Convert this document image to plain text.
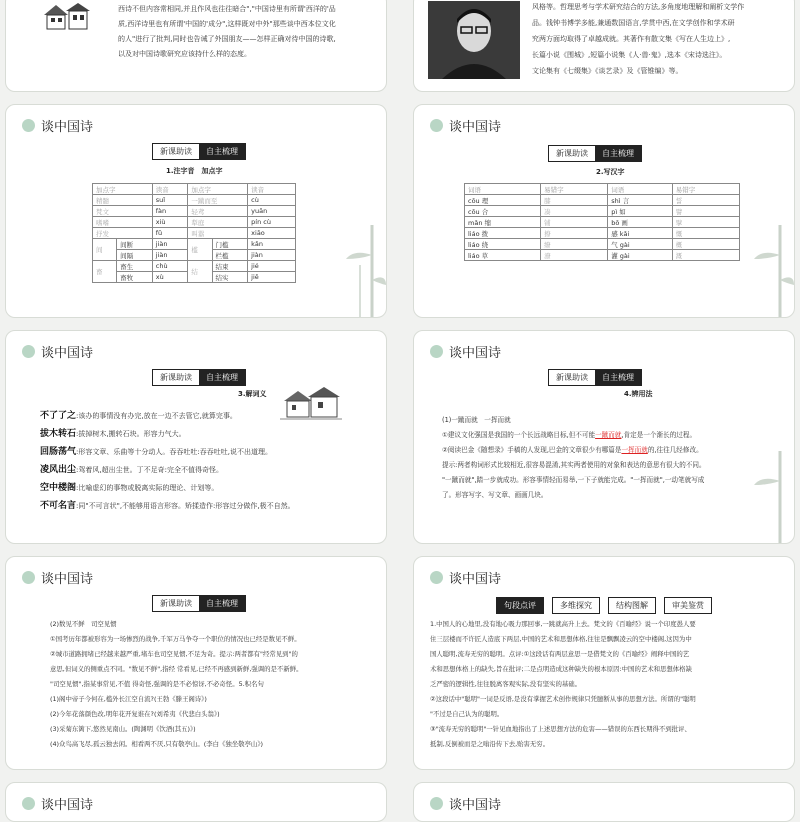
西诗不但内容常相同,并且作风也往往暗合","中国诗里有所谓'西洋的'品

质,西洋诗里也有所谓'中国的'成分",这样既对中外"那些谈中西本位文化

的人"进行了批判,同时也告诫了外国朋友——怎样正确对待中国的诗歌,

以及对中国诗歌研究应该持什么样的态度。

风格等。哲理思考与学术研究结合的方法,多角度地理解和阐析文学作

品。钱钟书博学多能,兼通数国语言,学贯中西,在文学创作和学术研

究两方面均取得了卓越成就。其著作有散文集《写在人生边上》,

长篇小说《围城》,短篇小说集《人·兽·鬼》,选本《宋诗选注》。

文论集有《七缀集》《谈艺录》及《管锥编》等。

谈中国诗
新课助读	自主梳理
1.注字音　加点字
加点字		读音	加点字		读音
精髓		suǐ	一蹴而至		cù
梵文		fàn	轻鸢		yuān
嗜嗜		xiù	犁庭		pín cù
抒发		fǔ	叫嚣		xiāo
间	间断	jiàn	槛	门槛	kǎn
	间隔	jiàn		栏槛	jiàn
畜	畜生	chù	结	结束	jié
	畜牧	xù		结实	jiē
谈中国诗
新课助读	自主梳理
2.写汉字
词语	易错字	词语	易错字
cōu 理	膝	shì 言	誓
cōu 合	凑	pì 如	譬
mǎn 缩	铺	bō 画	擘
liáo 拨	撩	感 kǎi	慨
liáo 绕	缭	气 gài	概
liáo 草	潦	灌 gài	溉
谈中国诗
新课助读	自主梳理
3.解词义
不了了之:该办的事情没有办完,放在一边不去管它,就算完事。
拔木转石:拔掉树木,搬转石块。形容力气大。
回肠荡气:形容文章、乐曲等十分动人。吞吞吐吐:吞吞吐吐,说不出道理。
凌风出尘:驾着风,超出尘世。丁不足奇:完全不值得奇怪。
空中楼阁:比喻虚幻的事物或脱离实际的理论、计划等。
不可名言:同"不可言状",不能够用语言形容。矫揉造作:形容过分做作,极不自然。
谈中国诗
新课助读	自主梳理
4.辨用法

(1)一蹴而就　一挥而就

①建议文化强国是我国的一个长远战略目标,但不可能一蹴而就,肯定是一个渐长的过程。

②阅读巴金《随想录》手稿的人发现,巴金的文章很少有哪篇是一挥而就的,往往几经修改。

提示:两者构词形式比较相近,很容易混淆,其实两者使用的对象和表达的意思有很大的不同。

"一蹴而就",踏一步就成功。形容事情轻而易举,一下子就能完成。"一挥而就",一动笔就写成

了。形容写字、写文章、画画几块。

谈中国诗
新课助读	自主梳理

(2)数见不鲜　司空见惯

①国考历年都被形容为一场惨烈的战争,千军万马争夺一个职位的情况也已经是数见不鲜。

②城市道路拥堵已经越来越严重,堵车也司空见惯,不足为奇。提示:两者都有"经常见到"的

意思,但词义的侧重点不同。"数见不鲜",指经 常看见,已经不再感到新鲜,强调的是不新鲜。

"司空见惯",指某事常见,不值 得奇怪,强调的是不必惊讶,不必奇怪。5.积名句

(1)阁中帝子今何在,槛外长江空自流?(王勃《滕王阁诗》)

(2)今年花落颜色改,明年花开复谁在?(刘希夷《代悲白头翁》)

(3)采菊东篱下,悠然见南山。(陶渊明《饮酒(其五)》)

(4)众鸟高飞尽,孤云独去闲。相看两不厌,只有敬亭山。(李白《独坐敬亭山》)

谈中国诗
句段点评	多维探究	结构图解	审美鉴赏

1.中国人的心地里,没有地心吸力那回事,一跳就高升上去。梵文的《百喻经》说一个印度愚人要

住三层楼而不许匠人造底下两层,中国的艺术和思想体格,往往是飘飘凌云的空中楼阁,这因为中

国人聪明,流寿无穷的聪明。点评:①这段话有两层意思一是借梵文的《百喻经》阐释中国的艺

术和思想体格上的缺失,旨在批评;二是点明造成这种缺失的根本原因:中国的艺术和思想体格缺

乏严密的逻辑性,往往脱离客观实际,没有坚实的基础。

②这段话中"聪明"一词是反语,是没有掌握艺术创作规律只凭臆断从事的思想方法。所谓的"聪明

"不过是自己认为的聪明。

③"流寿无穷的聪明"一针见血地指出了上述思想方法的危害——错误的东西长期得不到批评、

抵制,反倒被而是之嗡沿传下去,贻害无穷。

谈中国诗	谈中国诗
